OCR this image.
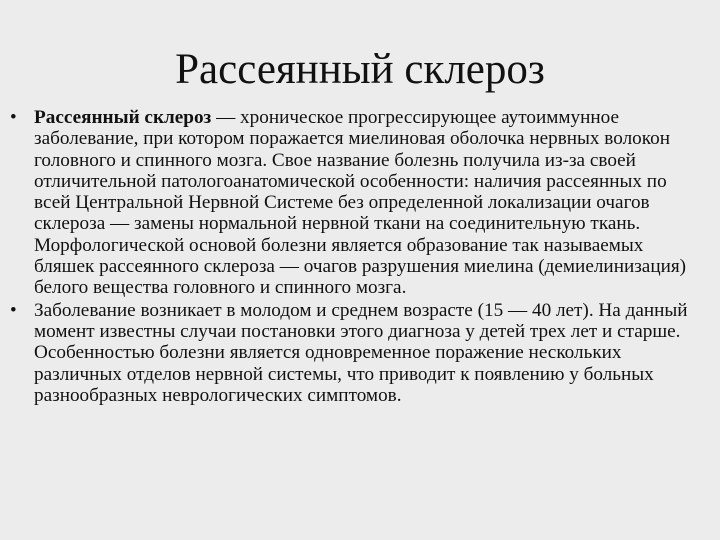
Рассеянный склероз
• Рассеянный склероз — хроническое прогрессирующее аутоиммунное заболевание, при котором поражается миелиновая оболочка нервных волокон головного и спинного мозга. Свое название болезнь получила из-за своей отличительной патологоанатомической особенности: наличия рассеянных по всей Центральной Нервной Системе без определенной локализации очагов склероза — замены нормальной нервной ткани на соединительную ткань. Морфологической основой болезни является образование так называемых бляшек рассеянного склероза — очагов разрушения миелина (демиелинизация) белого вещества головного и спинного мозга.
• Заболевание возникает в молодом и среднем возрасте (15 — 40 лет). На данный момент известны случаи постановки этого диагноза у детей трех лет и старше. Особенностью болезни является одновременное поражение нескольких различных отделов нервной системы, что приводит к появлению у больных разнообразных неврологических симптомов.
